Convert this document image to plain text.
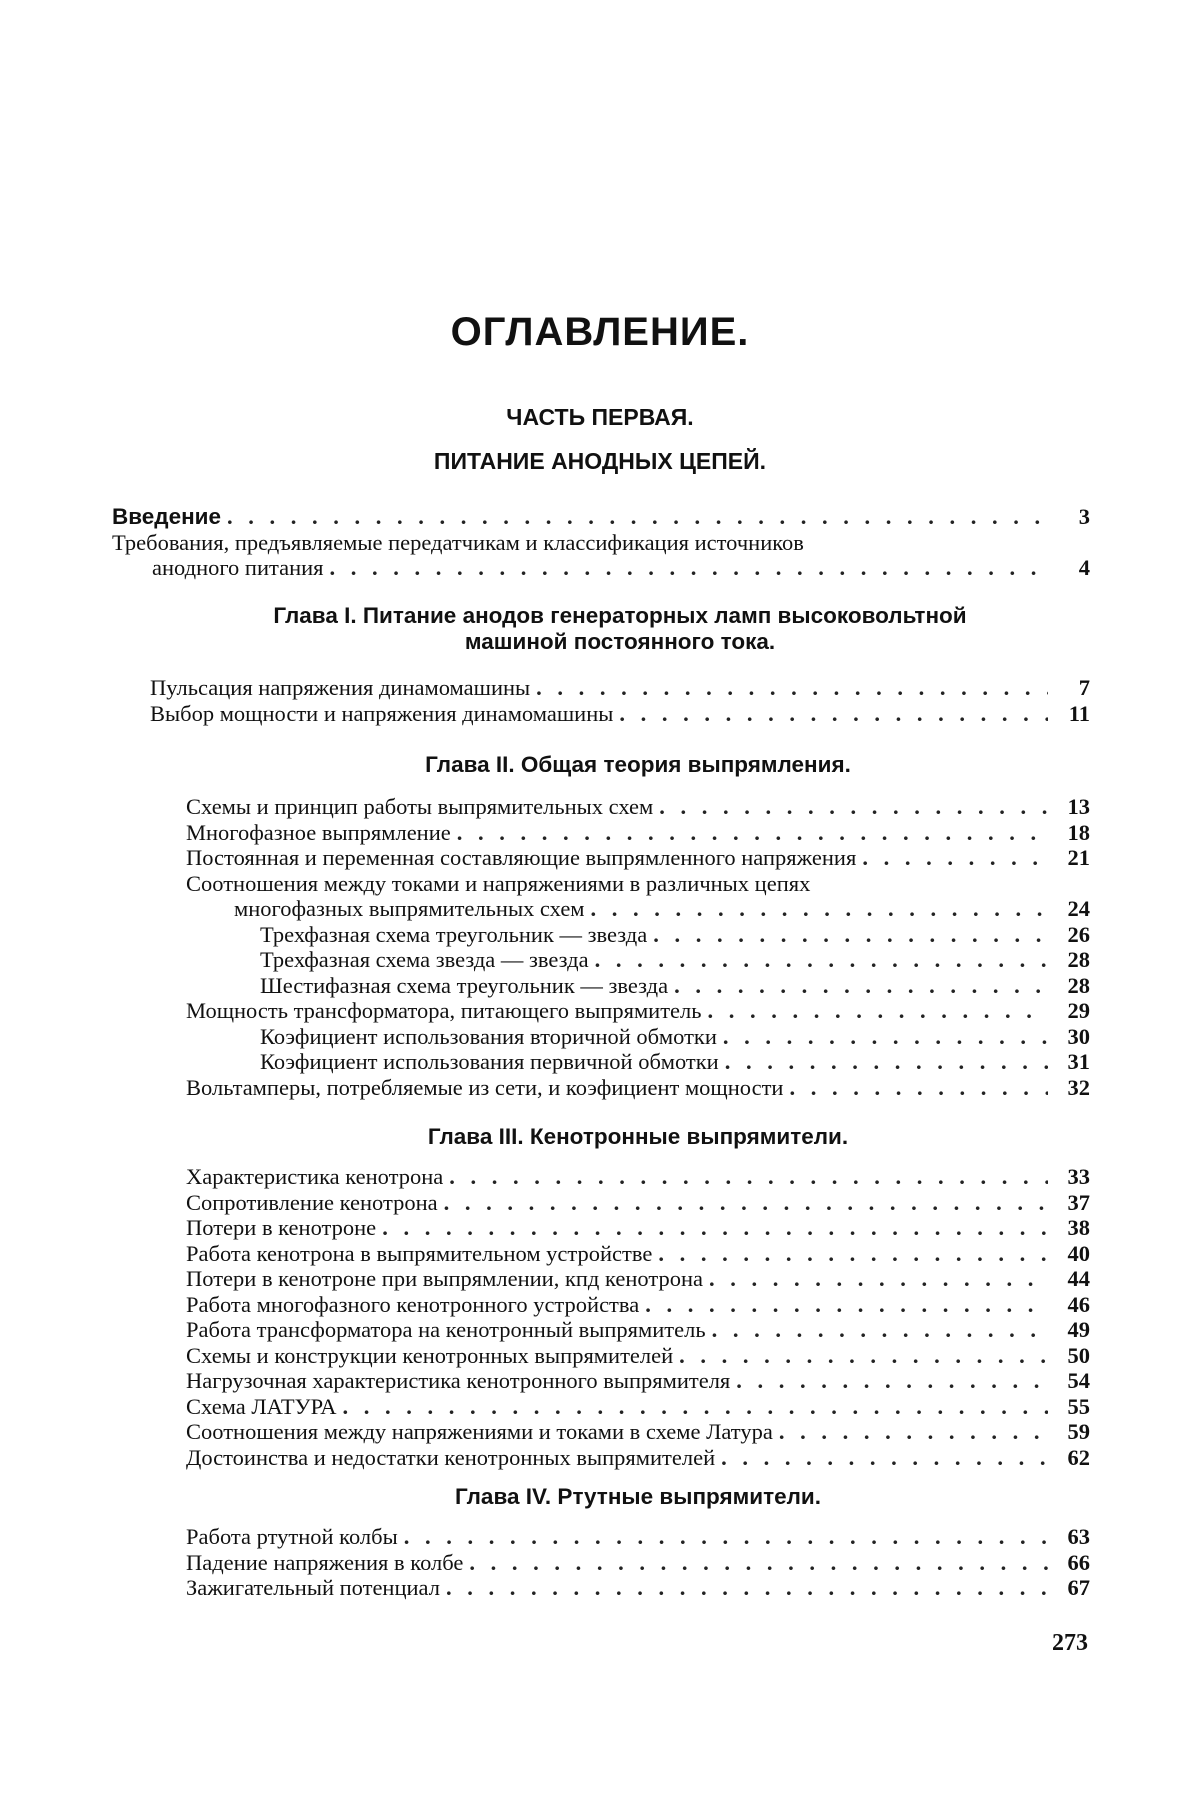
ОГЛАВЛЕНИЕ.
ЧАСТЬ ПЕРВАЯ.
ПИТАНИЕ АНОДНЫХ ЦЕПЕЙ.
Введение . . .	3
Требования, предъявляемые передатчикам и классификация источников
анодного питания . . .	4
Глава I. Питание анодов генераторных ламп высоковольтной
машиной постоянного тока.
Пульсация напряжения динамомашины . . .	7
Выбор мощности и напряжения динамомашины . . .	11
Глава II. Общая теория выпрямления.
Схемы и принцип работы выпрямительных схем . . .	13
Многофазное выпрямление . . .	18
Постоянная и переменная составляющие выпрямленного напряжения . . .	21
Соотношения между токами и напряжениями в различных цепях
многофазных выпрямительных схем . . .	24
Трехфазная схема треугольник — звезда . . .	26
Трехфазная схема звезда — звезда . . .	28
Шестифазная схема треугольник — звезда . . .	28
Мощность трансформатора, питающего выпрямитель . . .	29
Коэфициент использования вторичной обмотки . . .	30
Коэфициент использования первичной обмотки . . .	31
Вольтамперы, потребляемые из сети, и коэфициент мощности . . .	32
Глава III. Кенотронные выпрямители.
Характеристика кенотрона . . .	33
Сопротивление кенотрона . . .	37
Потери в кенотроне . . .	38
Работа кенотрона в выпрямительном устройстве . . .	40
Потери в кенотроне при выпрямлении, кпд кенотрона . . .	44
Работа многофазного кенотронного устройства . . .	46
Работа трансформатора на кенотронный выпрямитель . . .	49
Схемы и конструкции кенотронных выпрямителей . . .	50
Нагрузочная характеристика кенотронного выпрямителя . . .	54
Схема ЛАТУРА . . .	55
Соотношения между напряжениями и токами в схеме Латура . . .	59
Достоинства и недостатки кенотронных выпрямителей . . .	62
Глава IV. Ртутные выпрямители.
Работа ртутной колбы . . .	63
Падение напряжения в колбе . . .	66
Зажигательный потенциал . . .	67
273
